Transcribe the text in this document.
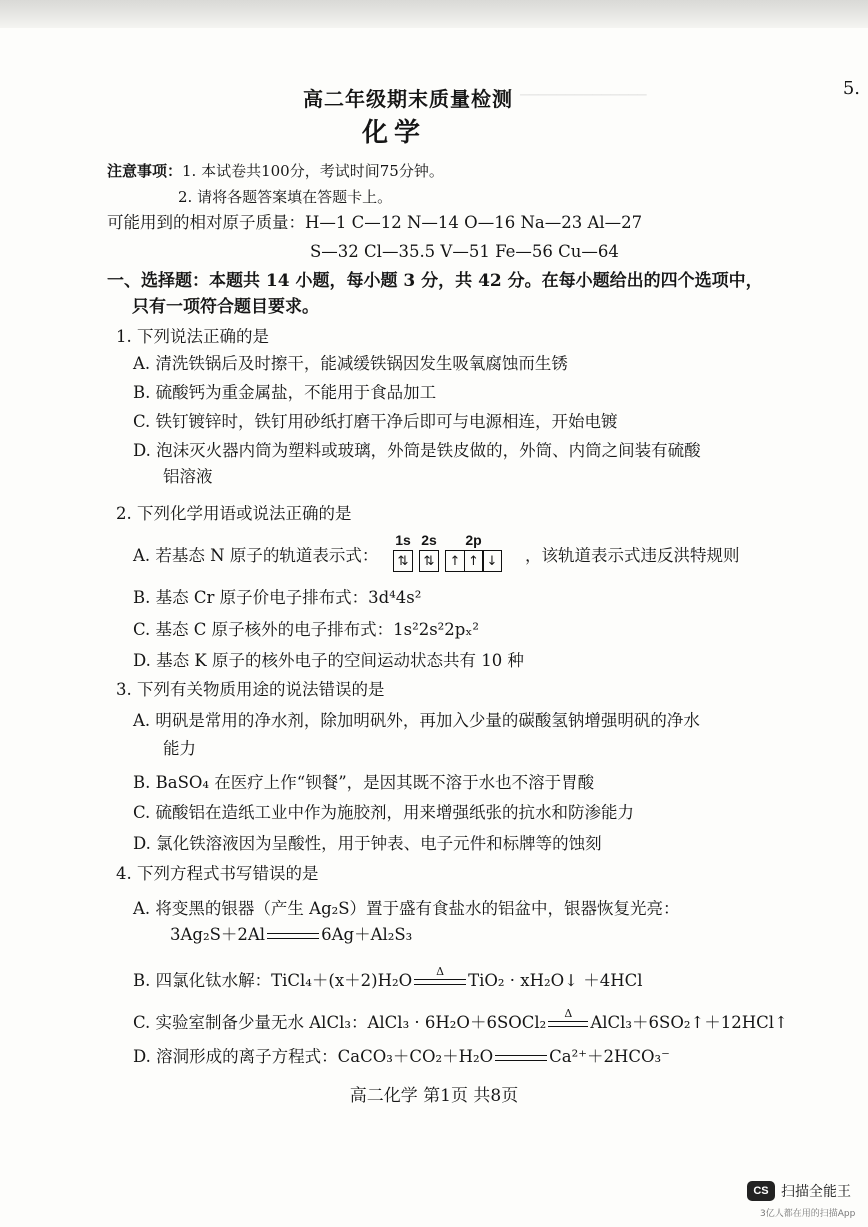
──────────────	5.
高二年级期末质量检测
化学
注意事项：1. 本试卷共100分，考试时间75分钟。
2. 请将各题答案填在答题卡上。
可能用到的相对原子质量：H—1 C—12 N—14 O—16 Na—23 Al—27
S—32 Cl—35.5 V—51 Fe—56 Cu—64
一、选择题：本题共 14 小题，每小题 3 分，共 42 分。在每小题给出的四个选项中，
只有一项符合题目要求。
1. 下列说法正确的是
A. 清洗铁锅后及时擦干，能减缓铁锅因发生吸氧腐蚀而生锈
B. 硫酸钙为重金属盐，不能用于食品加工
C. 铁钉镀锌时，铁钉用砂纸打磨干净后即可与电源相连，开始电镀
D. 泡沫灭火器内筒为塑料或玻璃，外筒是铁皮做的，外筒、内筒之间装有硫酸
铝溶液
2. 下列化学用语或说法正确的是
A. 若基态 N 原子的轨道表示式：
1s
⇅
2s
⇅
2p
↑ ↑ ↓ ，该轨道表示式违反洪特规则
B. 基态 Cr 原子价电子排布式：3d⁴4s²
C. 基态 C 原子核外的电子排布式：1s²2s²2pₓ²
D. 基态 K 原子的核外电子的空间运动状态共有 10 种
3. 下列有关物质用途的说法错误的是
A. 明矾是常用的净水剂，除加明矾外，再加入少量的碳酸氢钠增强明矾的净水
能力
B. BaSO₄ 在医疗上作“钡餐”，是因其既不溶于水也不溶于胃酸
C. 硫酸铝在造纸工业中作为施胶剂，用来增强纸张的抗水和防渗能力
D. 氯化铁溶液因为呈酸性，用于钟表、电子元件和标牌等的蚀刻
4. 下列方程式书写错误的是
A. 将变黑的银器（产生 Ag₂S）置于盛有食盐水的铝盆中，银器恢复光亮：
3Ag₂S＋2Al	6Ag＋Al₂S₃
B. 四氯化钛水解：TiCl₄＋(x＋2)H₂O	Δ	TiO₂ · xH₂O↓ ＋4HCl
C. 实验室制备少量无水 AlCl₃：AlCl₃ · 6H₂O＋6SOCl₂	Δ	AlCl₃＋6SO₂↑＋12HCl↑
D. 溶洞形成的离子方程式：CaCO₃＋CO₂＋H₂O	Ca²⁺＋2HCO₃⁻
高二化学 第1页 共8页
CS 扫描全能王
3亿人都在用的扫描App
